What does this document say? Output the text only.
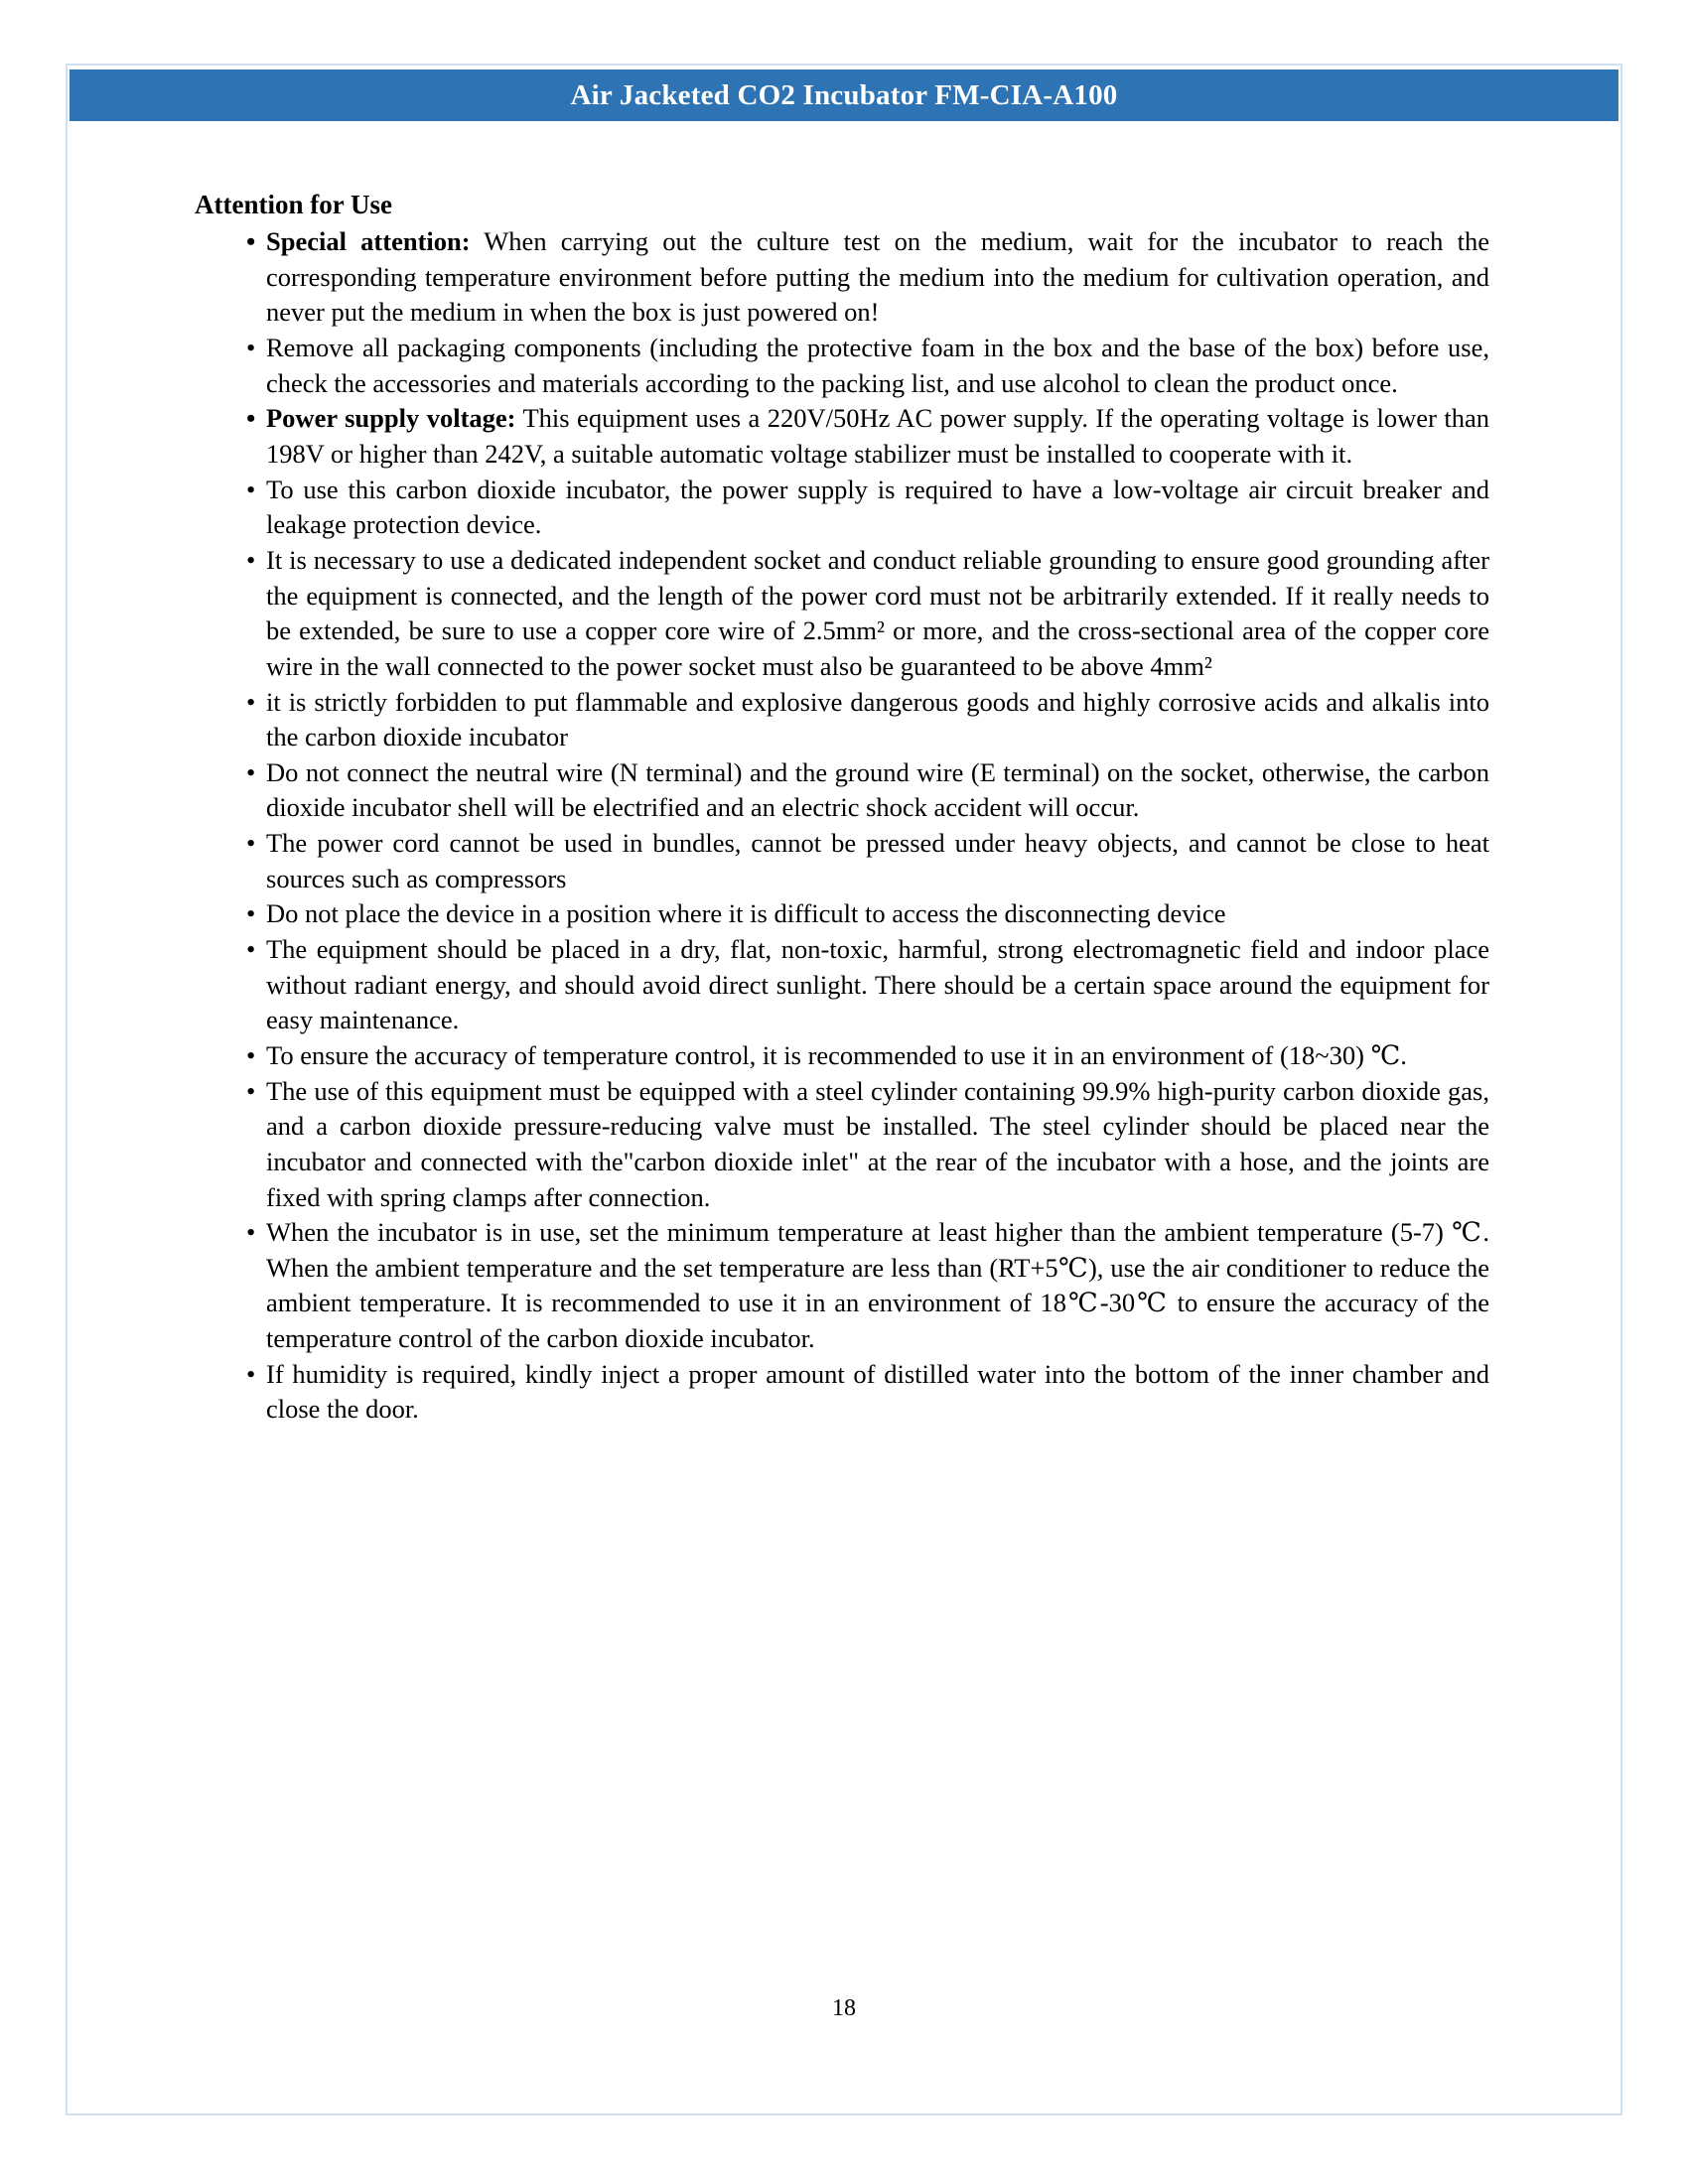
Air Jacketed CO2 Incubator FM-CIA-A100
Attention for Use
• Special attention: When carrying out the culture test on the medium, wait for the incubator to reach the corresponding temperature environment before putting the medium into the medium for cultivation operation, and never put the medium in when the box is just powered on!
• Remove all packaging components (including the protective foam in the box and the base of the box) before use, check the accessories and materials according to the packing list, and use alcohol to clean the product once.
• Power supply voltage: This equipment uses a 220V/50Hz AC power supply. If the operating voltage is lower than 198V or higher than 242V, a suitable automatic voltage stabilizer must be installed to cooperate with it.
• To use this carbon dioxide incubator, the power supply is required to have a low-voltage air circuit breaker and leakage protection device.
• It is necessary to use a dedicated independent socket and conduct reliable grounding to ensure good grounding after the equipment is connected, and the length of the power cord must not be arbitrarily extended. If it really needs to be extended, be sure to use a copper core wire of 2.5mm² or more, and the cross-sectional area of the copper core wire in the wall connected to the power socket must also be guaranteed to be above 4mm²
• it is strictly forbidden to put flammable and explosive dangerous goods and highly corrosive acids and alkalis into the carbon dioxide incubator
• Do not connect the neutral wire (N terminal) and the ground wire (E terminal) on the socket, otherwise, the carbon dioxide incubator shell will be electrified and an electric shock accident will occur.
• The power cord cannot be used in bundles, cannot be pressed under heavy objects, and cannot be close to heat sources such as compressors
• Do not place the device in a position where it is difficult to access the disconnecting device
• The equipment should be placed in a dry, flat, non-toxic, harmful, strong electromagnetic field and indoor place without radiant energy, and should avoid direct sunlight. There should be a certain space around the equipment for easy maintenance.
• To ensure the accuracy of temperature control, it is recommended to use it in an environment of (18~30) ℃.
• The use of this equipment must be equipped with a steel cylinder containing 99.9% high-purity carbon dioxide gas, and a carbon dioxide pressure-reducing valve must be installed. The steel cylinder should be placed near the incubator and connected with the"carbon dioxide inlet" at the rear of the incubator with a hose, and the joints are fixed with spring clamps after connection.
• When the incubator is in use, set the minimum temperature at least higher than the ambient temperature (5-7) ℃. When the ambient temperature and the set temperature are less than (RT+5℃), use the air conditioner to reduce the ambient temperature. It is recommended to use it in an environment of 18℃-30℃ to ensure the accuracy of the temperature control of the carbon dioxide incubator.
• If humidity is required, kindly inject a proper amount of distilled water into the bottom of the inner chamber and close the door.
18
